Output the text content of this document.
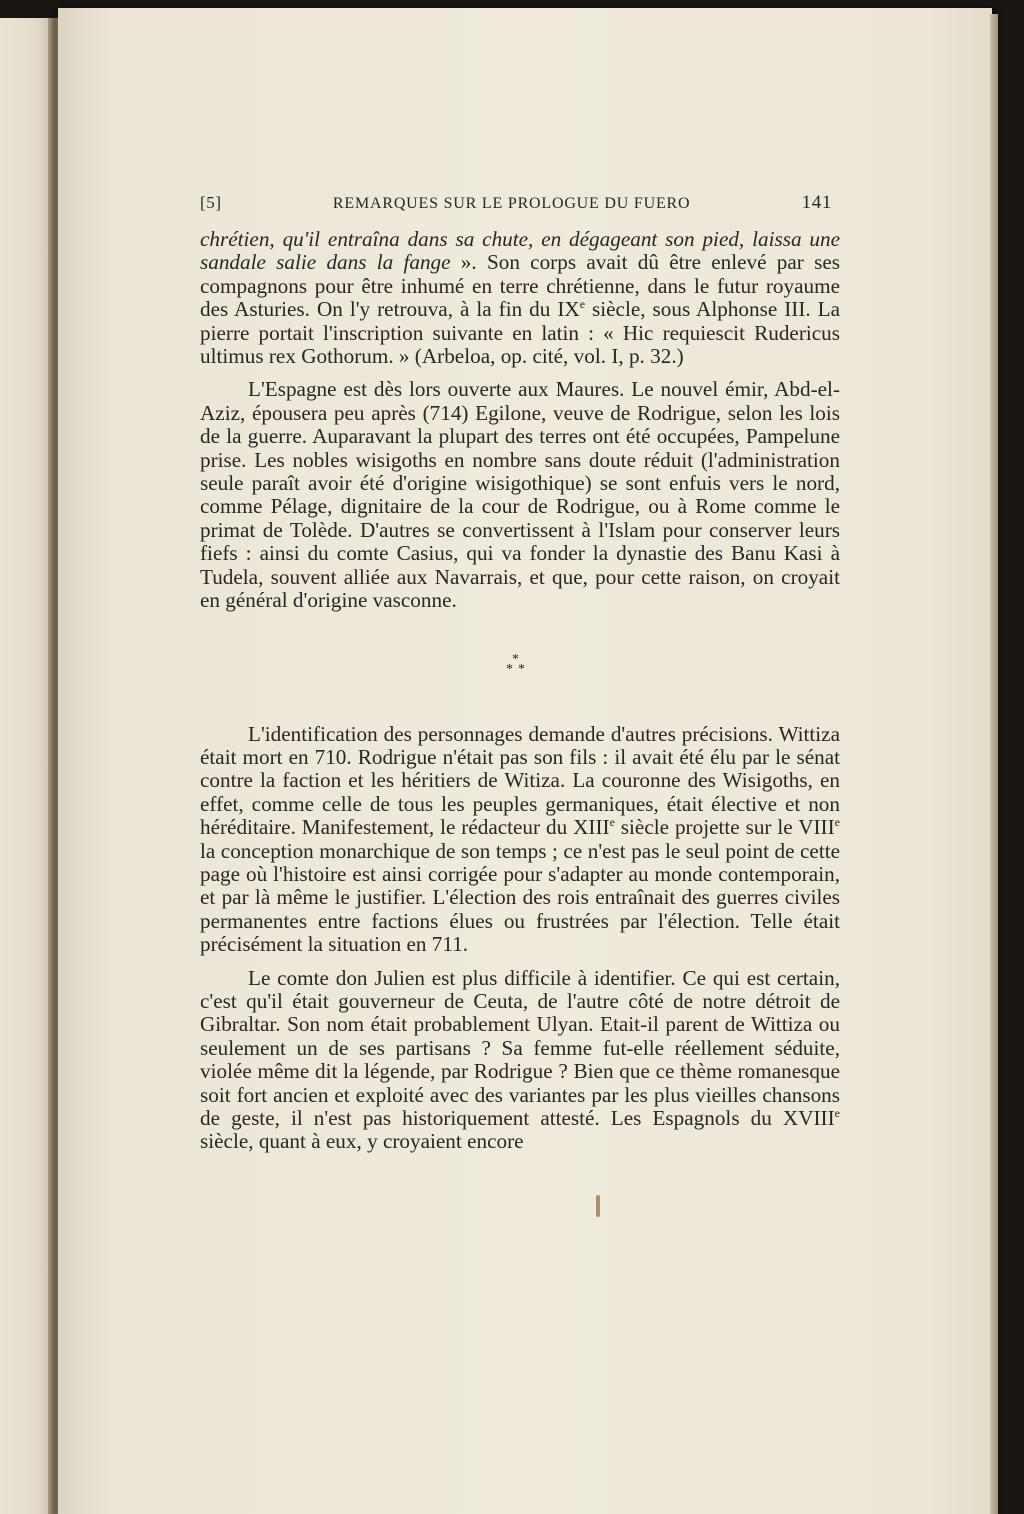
[5]	REMARQUES SUR LE PROLOGUE DU FUERO	141

chrétien, qu'il entraîna dans sa chute, en dégageant son pied, laissa une sandale salie dans la fange ». Son corps avait dû être enlevé par ses compagnons pour être inhumé en terre chrétienne, dans le futur royaume des Asturies. On l'y retrouva, à la fin du IXe siècle, sous Alphonse III. La pierre portait l'inscription suivante en latin : « Hic requiescit Rudericus ultimus rex Gothorum. » (Arbeloa, op. cité, vol. I, p. 32.)

L'Espagne est dès lors ouverte aux Maures. Le nouvel émir, Abd-el-Aziz, épousera peu après (714) Egilone, veuve de Rodrigue, selon les lois de la guerre. Auparavant la plupart des terres ont été occupées, Pampelune prise. Les nobles wisigoths en nombre sans doute réduit (l'administration seule paraît avoir été d'origine wisigothique) se sont enfuis vers le nord, comme Pélage, dignitaire de la cour de Rodrigue, ou à Rome comme le primat de Tolède. D'autres se convertissent à l'Islam pour conserver leurs fiefs : ainsi du comte Casius, qui va fonder la dynastie des Banu Kasi à Tudela, souvent alliée aux Navarrais, et que, pour cette raison, on croyait en général d'origine vasconne.

*
* *

L'identification des personnages demande d'autres précisions. Wittiza était mort en 710. Rodrigue n'était pas son fils : il avait été élu par le sénat contre la faction et les héritiers de Witiza. La couronne des Wisigoths, en effet, comme celle de tous les peuples germaniques, était élective et non héréditaire. Manifestement, le rédacteur du XIIIe siècle projette sur le VIIIe la conception monarchique de son temps ; ce n'est pas le seul point de cette page où l'histoire est ainsi corrigée pour s'adapter au monde contemporain, et par là même le justifier. L'élection des rois entraînait des guerres civiles permanentes entre factions élues ou frustrées par l'élection. Telle était précisément la situation en 711.

Le comte don Julien est plus difficile à identifier. Ce qui est certain, c'est qu'il était gouverneur de Ceuta, de l'autre côté de notre détroit de Gibraltar. Son nom était probablement Ulyan. Etait-il parent de Wittiza ou seulement un de ses partisans ? Sa femme fut-elle réellement séduite, violée même dit la légende, par Rodrigue ? Bien que ce thème romanesque soit fort ancien et exploité avec des variantes par les plus vieilles chansons de geste, il n'est pas historiquement attesté. Les Espagnols du XVIIIe siècle, quant à eux, y croyaient encore
